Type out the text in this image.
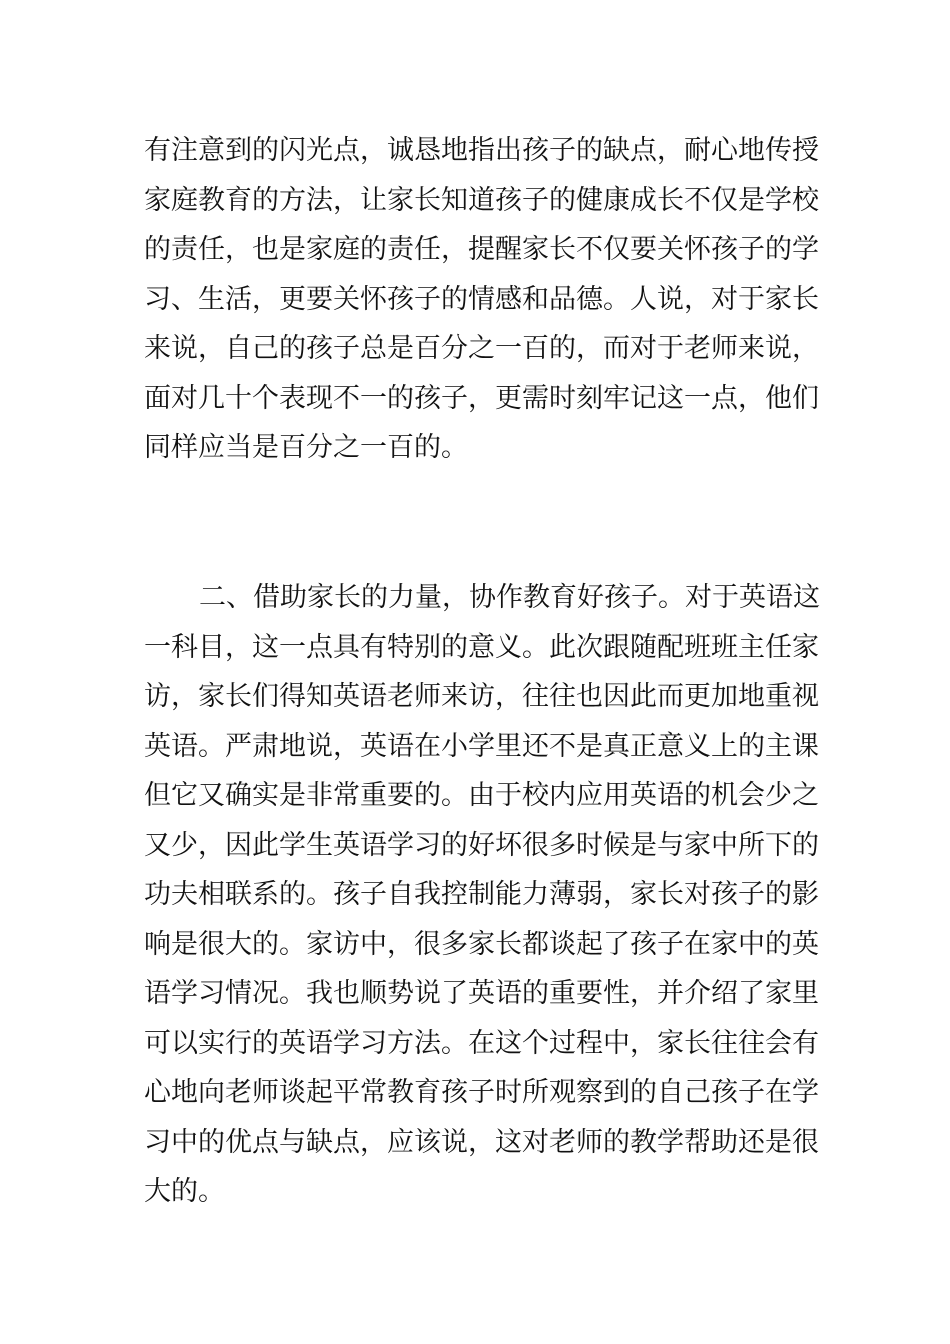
有注意到的闪光点，诚恳地指出孩子的缺点，耐心地传授
家庭教育的方法，让家长知道孩子的健康成长不仅是学校
的责任，也是家庭的责任，提醒家长不仅要关怀孩子的学
习、生活，更要关怀孩子的情感和品德。人说，对于家长
来说，自己的孩子总是百分之一百的，而对于老师来说，
面对几十个表现不一的孩子，更需时刻牢记这一点，他们
同样应当是百分之一百的。

二、借助家长的力量，协作教育好孩子。对于英语这
一科目，这一点具有特别的意义。此次跟随配班班主任家
访，家长们得知英语老师来访，往往也因此而更加地重视
英语。严肃地说，英语在小学里还不是真正意义上的主课
但它又确实是非常重要的。由于校内应用英语的机会少之
又少，因此学生英语学习的好坏很多时候是与家中所下的
功夫相联系的。孩子自我控制能力薄弱，家长对孩子的影
响是很大的。家访中，很多家长都谈起了孩子在家中的英
语学习情况。我也顺势说了英语的重要性，并介绍了家里
可以实行的英语学习方法。在这个过程中，家长往往会有
心地向老师谈起平常教育孩子时所观察到的自己孩子在学
习中的优点与缺点，应该说，这对老师的教学帮助还是很
大的。
